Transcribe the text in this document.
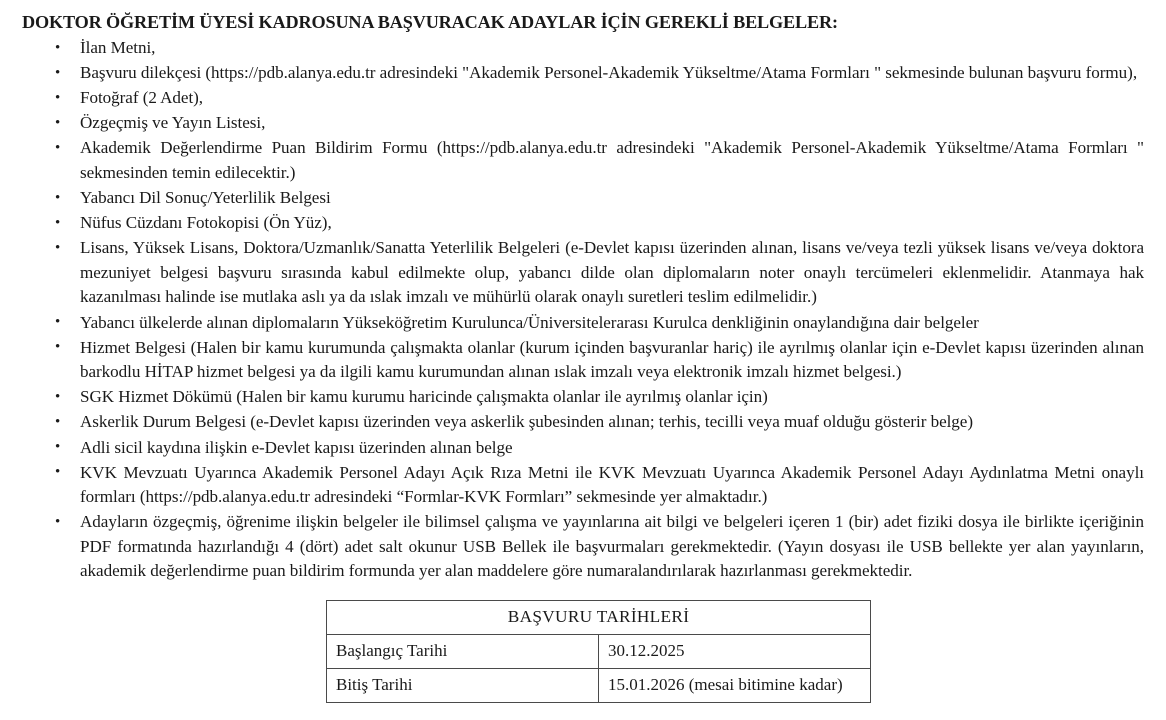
DOKTOR ÖĞRETİM ÜYESİ KADROSUNA BAŞVURACAK ADAYLAR İÇİN GEREKLİ BELGELER:
• İlan Metni,
• Başvuru dilekçesi (https://pdb.alanya.edu.tr adresindeki "Akademik Personel-Akademik Yükseltme/Atama Formları " sekmesinde bulunan başvuru formu),
• Fotoğraf (2 Adet),
• Özgeçmiş ve Yayın Listesi,
• Akademik Değerlendirme Puan Bildirim Formu (https://pdb.alanya.edu.tr adresindeki "Akademik Personel-Akademik Yükseltme/Atama Formları " sekmesinden temin edilecektir.)
• Yabancı Dil Sonuç/Yeterlilik Belgesi
• Nüfus Cüzdanı Fotokopisi (Ön Yüz),
• Lisans, Yüksek Lisans, Doktora/Uzmanlık/Sanatta Yeterlilik Belgeleri (e-Devlet kapısı üzerinden alınan, lisans ve/veya tezli yüksek lisans ve/veya doktora mezuniyet belgesi başvuru sırasında kabul edilmekte olup, yabancı dilde olan diplomaların noter onaylı tercümeleri eklenmelidir. Atanmaya hak kazanılması halinde ise mutlaka aslı ya da ıslak imzalı ve mühürlü olarak onaylı suretleri teslim edilmelidir.)
• Yabancı ülkelerde alınan diplomaların Yükseköğretim Kurulunca/Üniversitelerarası Kurulca denkliğinin onaylandığına dair belgeler
• Hizmet Belgesi (Halen bir kamu kurumunda çalışmakta olanlar (kurum içinden başvuranlar hariç) ile ayrılmış olanlar için e-Devlet kapısı üzerinden alınan barkodlu HİTAP hizmet belgesi ya da ilgili kamu kurumundan alınan ıslak imzalı veya elektronik imzalı hizmet belgesi.)
• SGK Hizmet Dökümü (Halen bir kamu kurumu haricinde çalışmakta olanlar ile ayrılmış olanlar için)
• Askerlik Durum Belgesi (e-Devlet kapısı üzerinden veya askerlik şubesinden alınan; terhis, tecilli veya muaf olduğu gösterir belge)
• Adli sicil kaydına ilişkin e-Devlet kapısı üzerinden alınan belge
• KVK Mevzuatı Uyarınca Akademik Personel Adayı Açık Rıza Metni ile KVK Mevzuatı Uyarınca Akademik Personel Adayı Aydınlatma Metni onaylı formları (https://pdb.alanya.edu.tr adresindeki “Formlar-KVK Formları” sekmesinde yer almaktadır.)
• Adayların özgeçmiş, öğrenime ilişkin belgeler ile bilimsel çalışma ve yayınlarına ait bilgi ve belgeleri içeren 1 (bir) adet fiziki dosya ile birlikte içeriğinin PDF formatında hazırlandığı 4 (dört) adet salt okunur USB Bellek ile başvurmaları gerekmektedir. (Yayın dosyası ile USB bellekte yer alan yayınların, akademik değerlendirme puan bildirim formunda yer alan maddelere göre numaralandırılarak hazırlanması gerekmektedir.
BAŞVURU TARİHLERİ	
Başlangıç Tarihi	30.12.2025
Bitiş Tarihi	15.01.2026 (mesai bitimine kadar)
